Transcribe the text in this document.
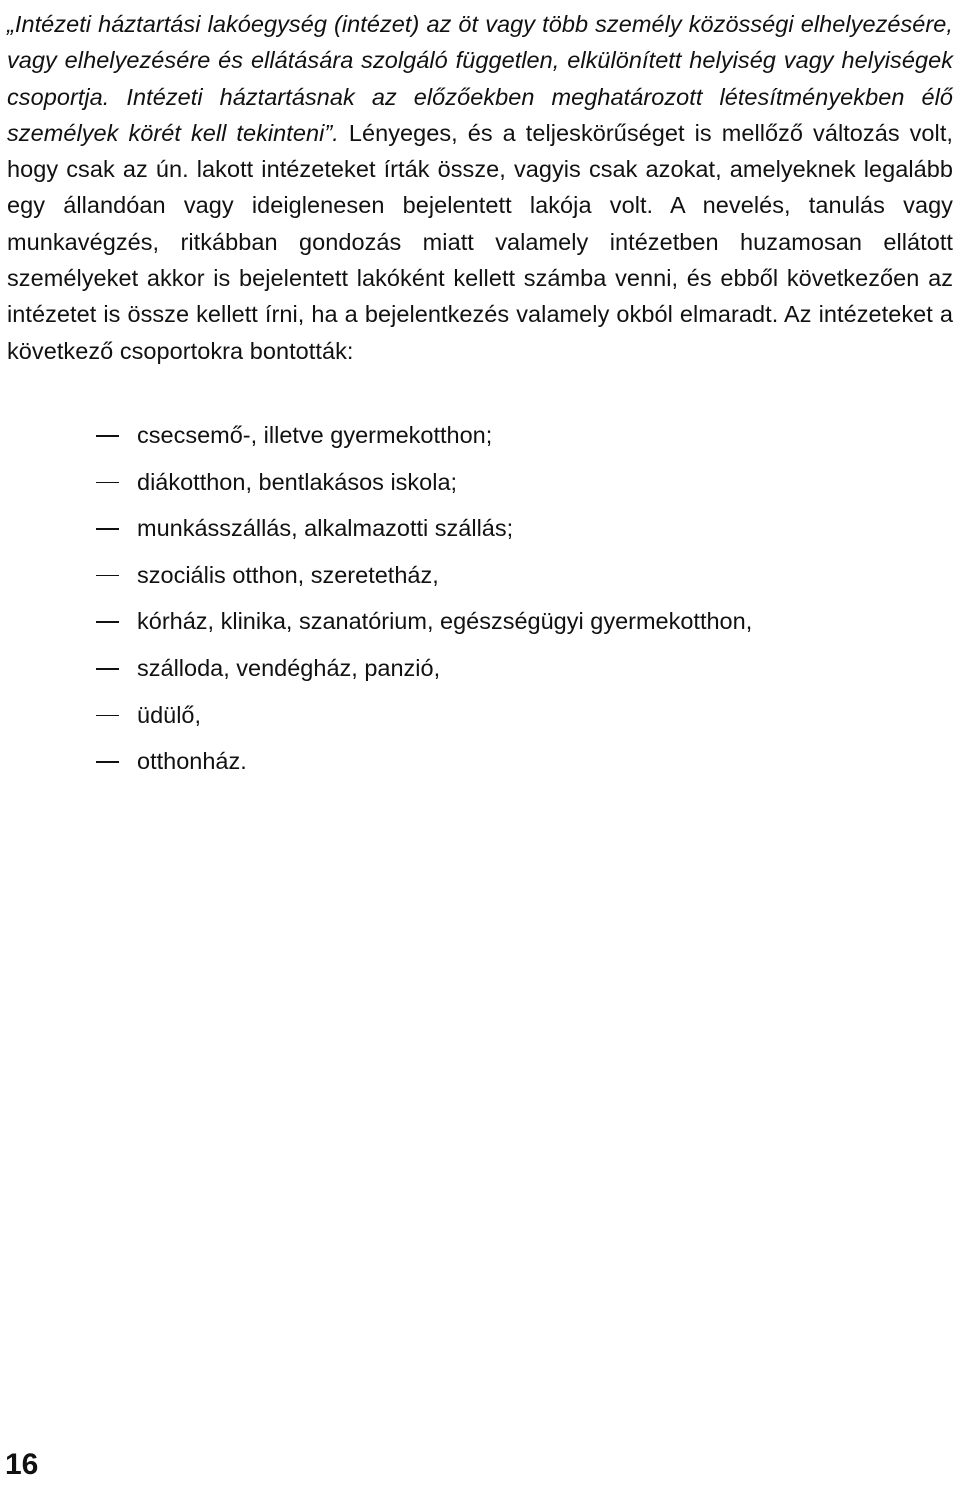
„Intézeti háztartási lakóegység (intézet) az öt vagy több személy közösségi elhelyezésére, vagy elhelyezésére és ellátására szolgáló független, elkülönített helyiség vagy helyiségek csoportja. Intézeti háztartásnak az előzőekben meghatározott létesítményekben élő személyek körét kell tekinteni”. Lényeges, és a teljeskörűséget is mellőző változás volt, hogy csak az ún. lakott intézeteket írták össze, vagyis csak azokat, amelyeknek legalább egy állandóan vagy ideiglenesen bejelentett lakója volt. A nevelés, tanulás vagy munkavégzés, ritkábban gondozás miatt valamely intézetben huzamosan ellátott személyeket akkor is bejelentett lakóként kellett számba venni, és ebből következően az intézetet is össze kellett írni, ha a bejelentkezés valamely okból elmaradt. Az intézeteket a következő csoportokra bontották:

csecsemő-, illetve gyermekotthon;
diákotthon, bentlakásos iskola;
munkásszállás, alkalmazotti szállás;
szociális otthon, szeretetház,
kórház, klinika, szanatórium, egészségügyi gyermekotthon,
szálloda, vendégház, panzió,
üdülő,
otthonház.
16
